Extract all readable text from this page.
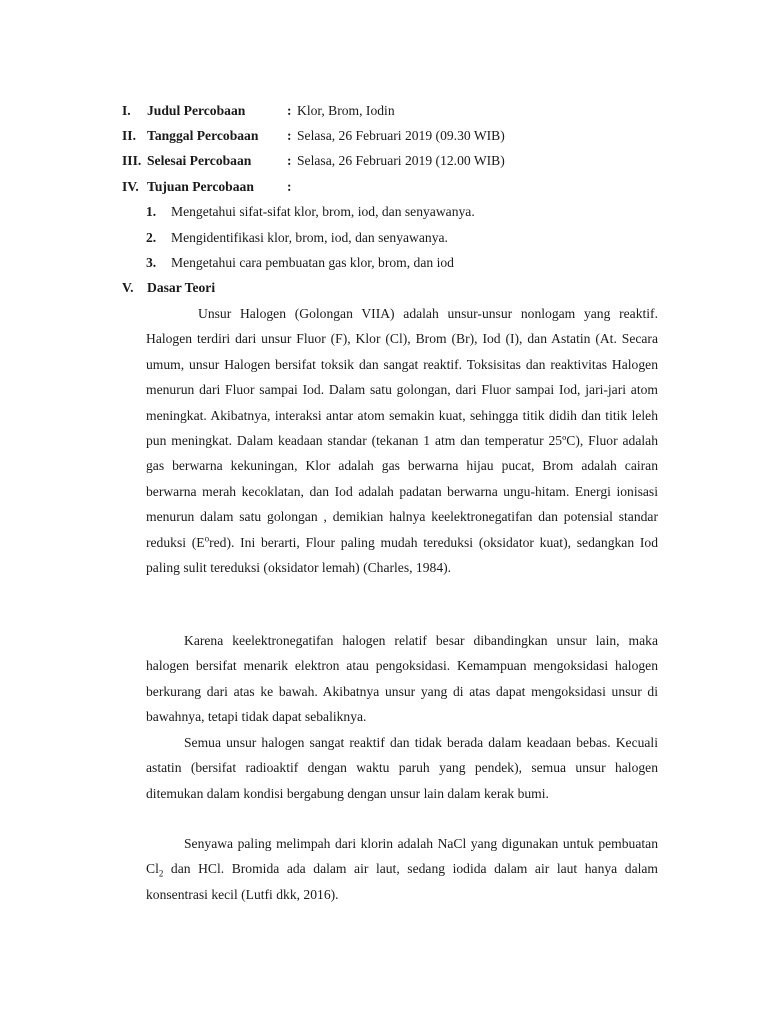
I. Judul Percobaan	: Klor, Brom, Iodin
II. Tanggal Percobaan : Selasa, 26 Februari 2019 (09.30 WIB)
III. Selesai Percobaan	: Selasa, 26 Februari 2019 (12.00 WIB)
IV. Tujuan Percobaan :
1. Mengetahui sifat-sifat klor, brom, iod, dan senyawanya.
2. Mengidentifikasi klor, brom, iod, dan senyawanya.
3. Mengetahui cara pembuatan gas klor, brom, dan iod
V. Dasar Teori

Unsur Halogen (Golongan VIIA) adalah unsur-unsur nonlogam yang reaktif. Halogen terdiri dari unsur Fluor (F), Klor (Cl), Brom (Br), Iod (I), dan Astatin (At. Secara umum, unsur Halogen bersifat toksik dan sangat reaktif. Toksisitas dan reaktivitas Halogen menurun dari Fluor sampai Iod. Dalam satu golongan, dari Fluor sampai Iod, jari-jari atom meningkat. Akibatnya, interaksi antar atom semakin kuat, sehingga titik didih dan titik leleh pun meningkat. Dalam keadaan standar (tekanan 1 atm dan temperatur 25ºC), Fluor adalah gas berwarna kekuningan, Klor adalah gas berwarna hijau pucat, Brom adalah cairan berwarna merah kecoklatan, dan Iod adalah padatan berwarna ungu-hitam. Energi ionisasi menurun dalam satu golongan , demikian halnya keelektronegatifan dan potensial standar reduksi $(E^ored)$. Ini berarti, Flour paling mudah tereduksi (oksidator kuat), sedangkan Iod paling sulit tereduksi (oksidator lemah) (Charles, 1984).

Karena keelektronegatifan halogen relatif besar dibandingkan unsur lain, maka halogen bersifat menarik elektron atau pengoksidasi. Kemampuan mengoksidasi halogen berkurang dari atas ke bawah. Akibatnya unsur yang di atas dapat mengoksidasi unsur di bawahnya, tetapi tidak dapat sebaliknya.

Semua unsur halogen sangat reaktif dan tidak berada dalam keadaan bebas. Kecuali astatin (bersifat radioaktif dengan waktu paruh yang pendek), semua unsur halogen ditemukan dalam kondisi bergabung dengan unsur lain dalam kerak bumi.

Senyawa paling melimpah dari klorin adalah NaCl yang digunakan untuk pembuatan $Cl_2$ dan HCl. Bromida ada dalam air laut, sedang iodida dalam air laut hanya dalam konsentrasi kecil (Lutfi dkk, 2016).
